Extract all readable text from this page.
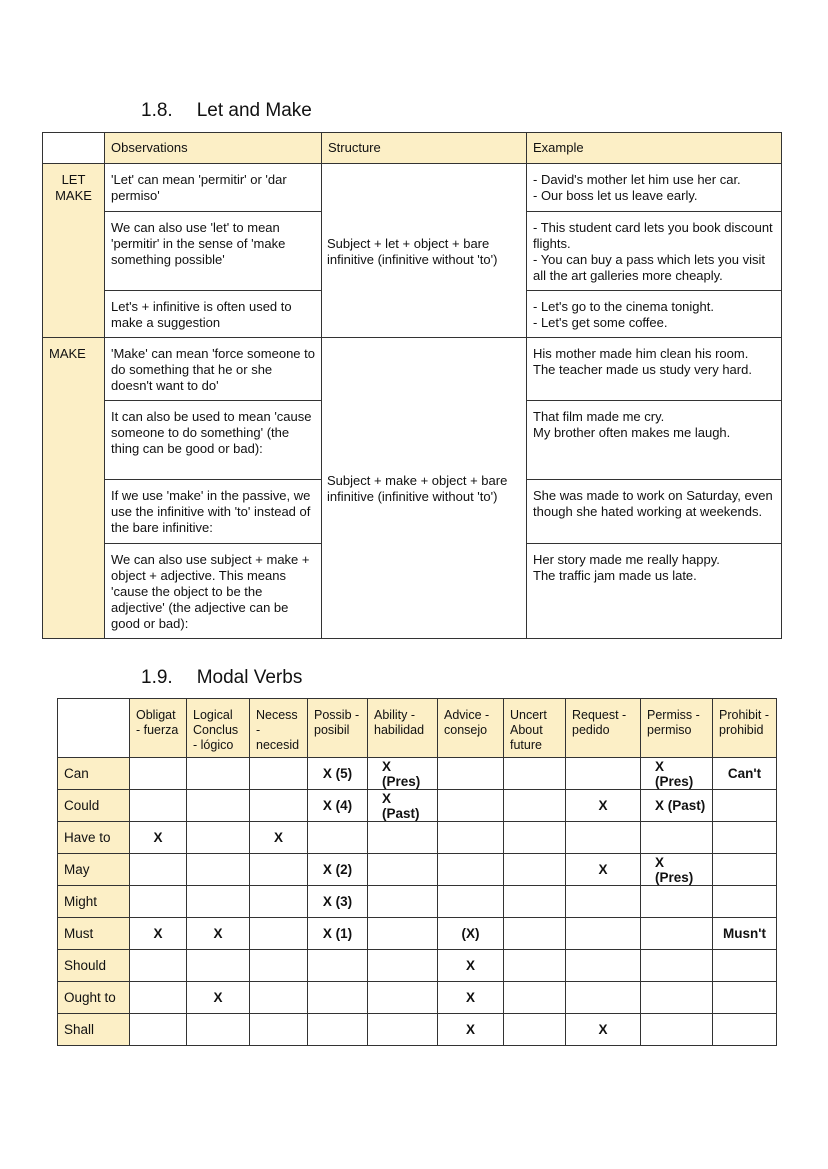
1.8. Let and Make
	Observations	Structure	Example

LET MAKE	'Let' can mean 'permitir' or 'dar permiso'	Subject + let + object + bare infinitive (infinitive without 'to')	- David's mother let him use her car.
- Our boss let us leave early.
	We can also use 'let' to mean 'permitir' in the sense of 'make something possible'		- This student card lets you book discount flights.
- You can buy a pass which lets you visit all the art galleries more cheaply.
	Let's + infinitive is often used to make a suggestion		- Let's go to the cinema tonight.
- Let's get some coffee.
MAKE	'Make' can mean 'force someone to do something that he or she doesn't want to do'	Subject + make + object + bare infinitive (infinitive without 'to')	His mother made him clean his room.
The teacher made us study very hard.
	It can also be used to mean 'cause someone to do something' (the thing can be good or bad):		That film made me cry.
My brother often makes me laugh.
	If we use 'make' in the passive, we use the infinitive with 'to' instead of the bare infinitive:		She was made to work on Saturday, even though she hated working at weekends.
	We can also use subject + make + object + adjective. This means 'cause the object to be the adjective' (the adjective can be good or bad):		Her story made me really happy.
The traffic jam made us late.
1.9. Modal Verbs
	Obligat - fuerza	Logical Conclus - lógico	Necess - necesid	Possib - posibil	Ability - habilidad	Advice - consejo	Uncert About future	Request - pedido	Permiss - permiso	Prohibit - prohibid
Can				X (5)	X (Pres)				X (Pres)	Can't
Could				X (4)	X (Past)			X	X (Past)	
Have to	X		X							
May				X (2)				X	X (Pres)	
Might				X (3)						
Must	X	X		X (1)		(X)				Musn't
Should						X				
Ought to		X				X				
Shall						X		X		
